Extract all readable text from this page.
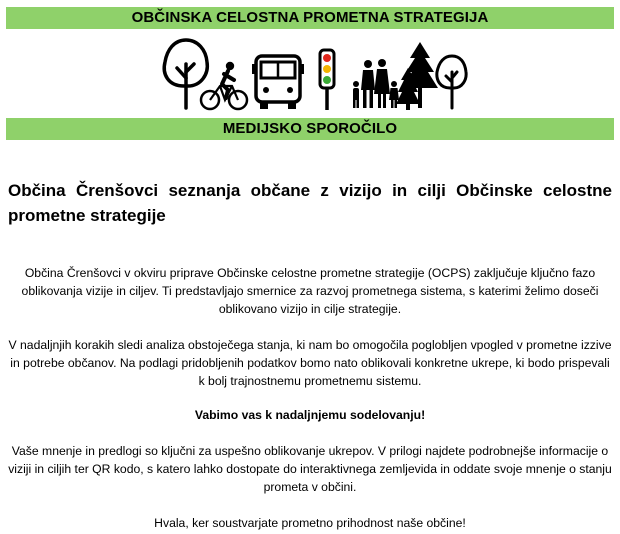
OBČINSKA CELOSTNA PROMETNA STRATEGIJA
MEDIJSKO SPOROČILO
Občina Črenšovci seznanja občane z vizijo in cilji Občinske celostne prometne strategije

Občina Črenšovci v okviru priprave Občinske celostne prometne strategije (OCPS) zaključuje ključno fazo oblikovanja vizije in ciljev. Ti predstavljajo smernice za razvoj prometnega sistema, s katerimi želimo doseči oblikovano vizijo in cilje strategije.

V nadaljnjih korakih sledi analiza obstoječega stanja, ki nam bo omogočila poglobljen vpogled v prometne izzive in potrebe občanov. Na podlagi pridobljenih podatkov bomo nato oblikovali konkretne ukrepe, ki bodo prispevali k bolj trajnostnemu prometnemu sistemu.

Vabimo vas k nadaljnjemu sodelovanju!

Vaše mnenje in predlogi so ključni za uspešno oblikovanje ukrepov. V prilogi najdete podrobnejše informacije o viziji in ciljih ter QR kodo, s katero lahko dostopate do interaktivnega zemljevida in oddate svoje mnenje o stanju prometa v občini.

Hvala, ker soustvarjate prometno prihodnost naše občine!
